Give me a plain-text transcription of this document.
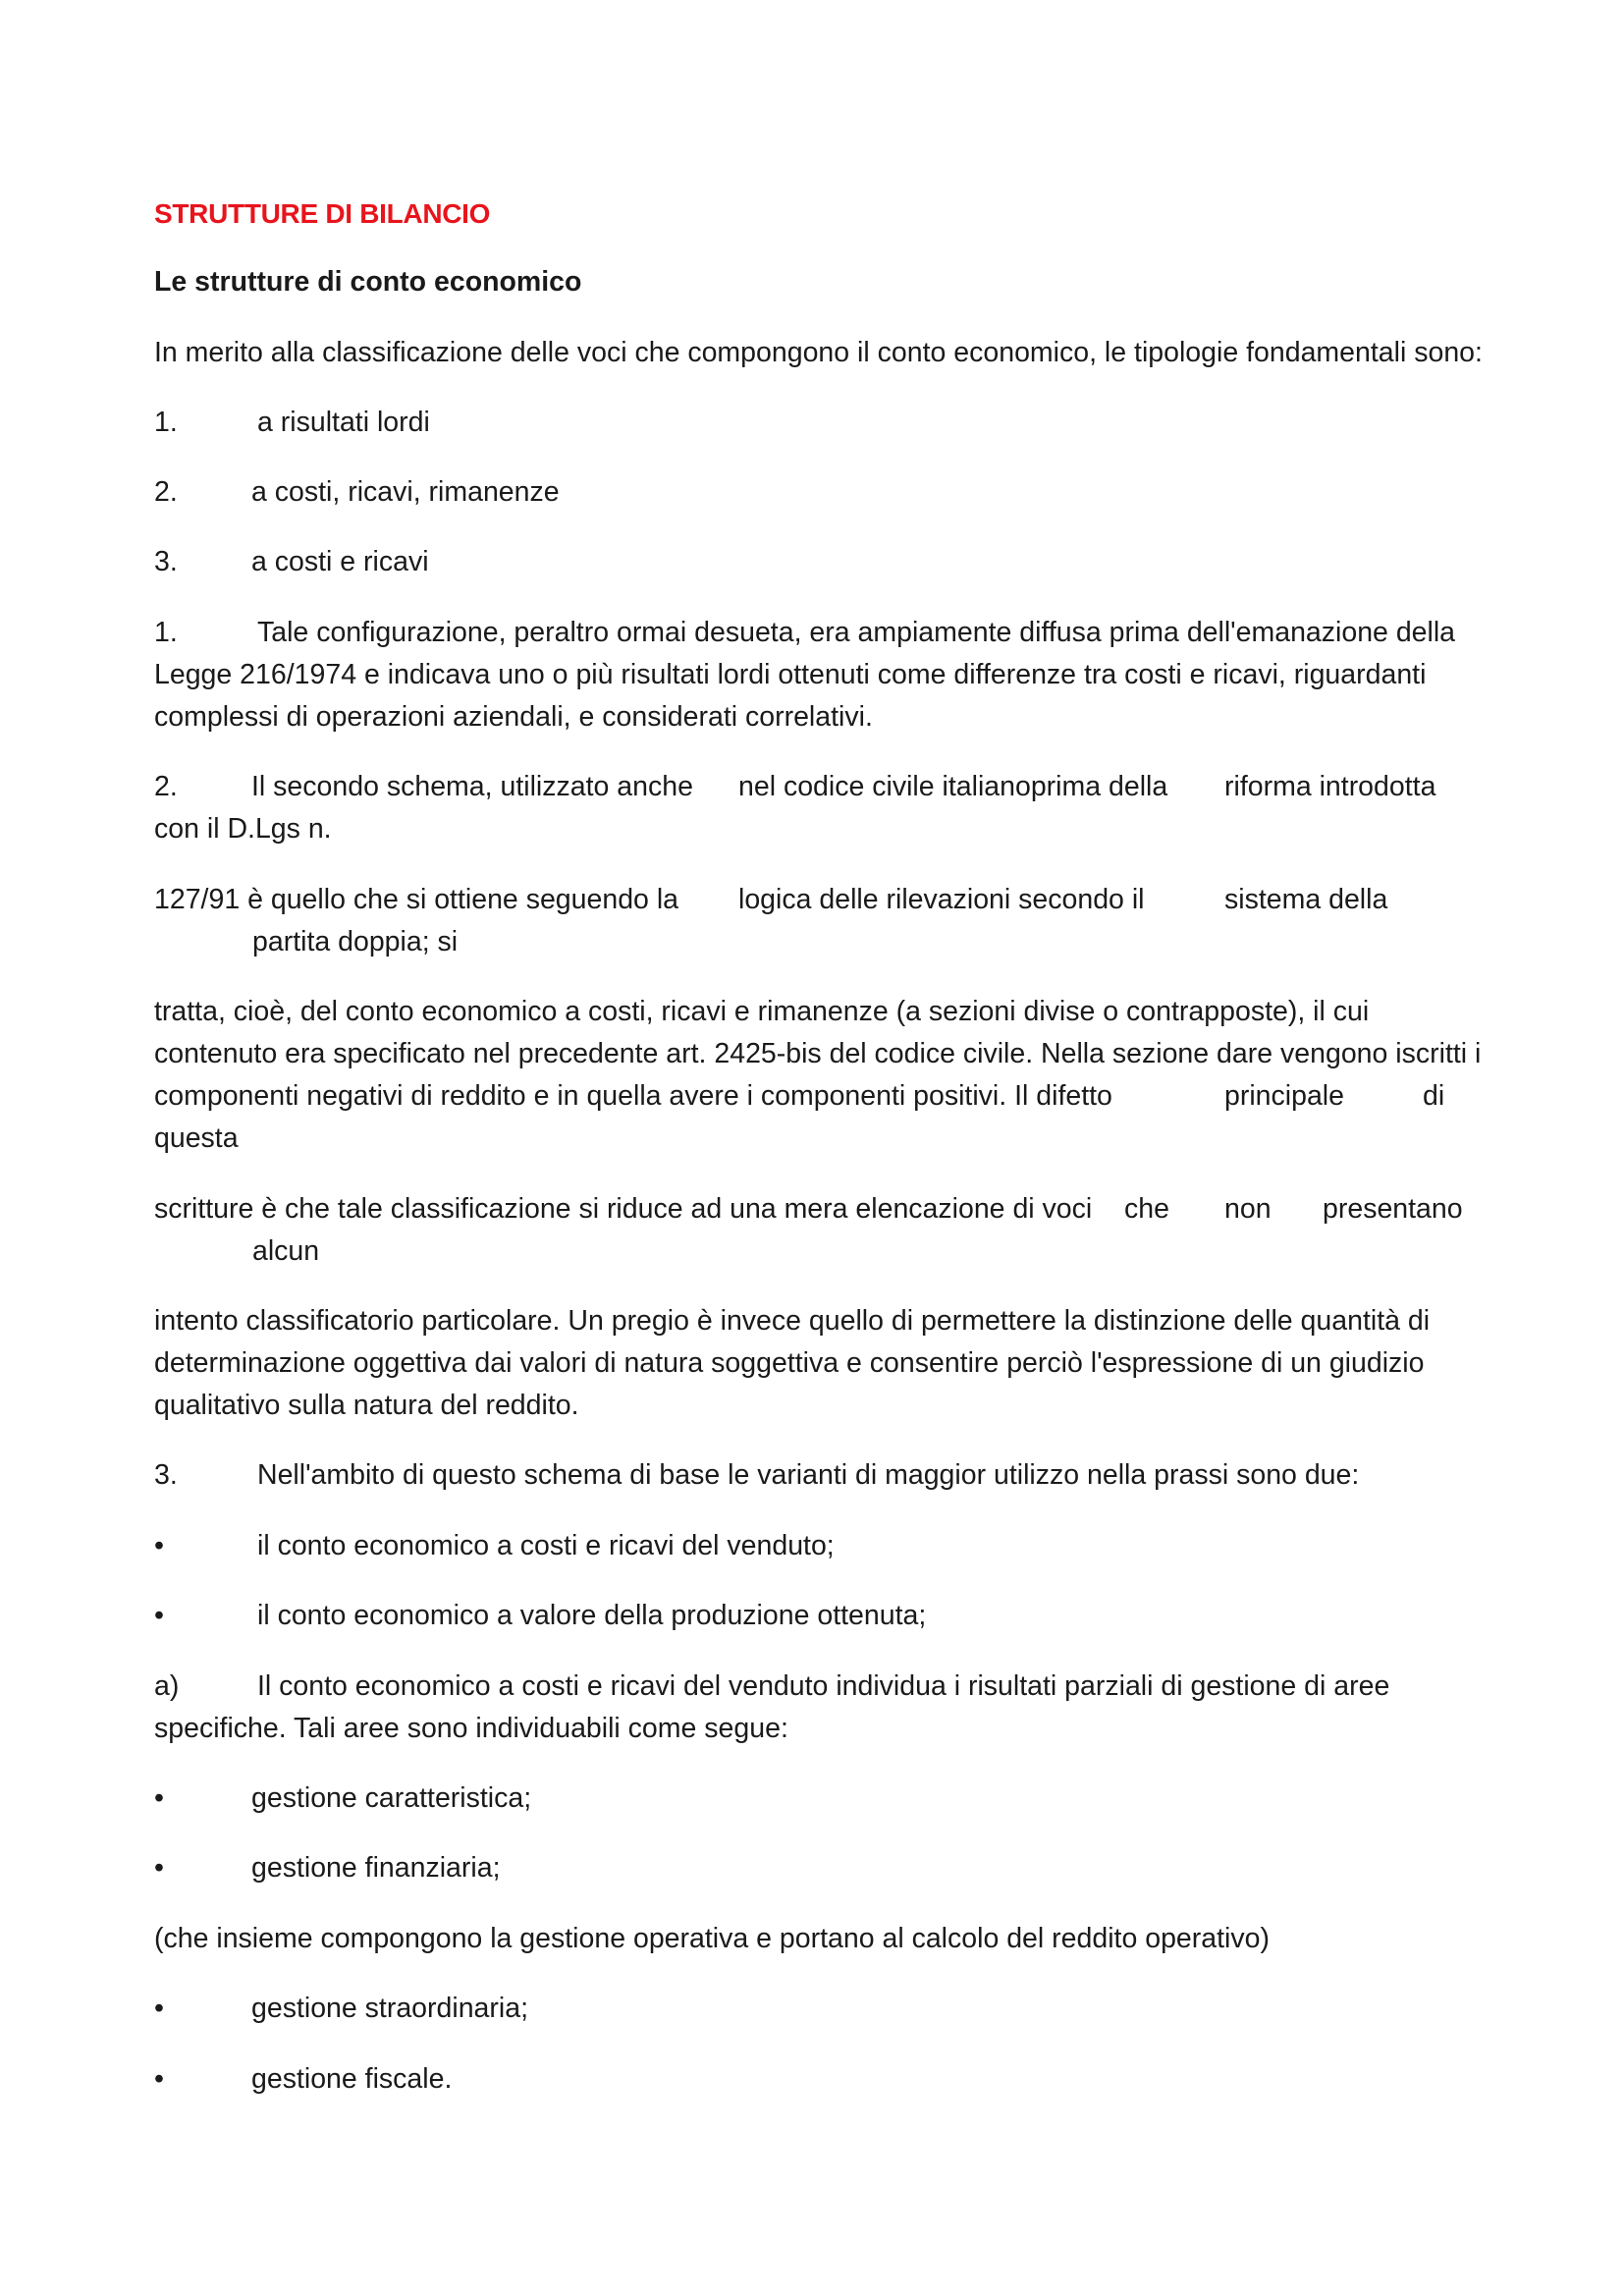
STRUTTURE DI BILANCIO
Le strutture di conto economico
In merito alla classificazione delle voci che compongono il conto economico, le tipologie fondamentali sono:
1.	a risultati lordi
2.	a costi, ricavi, rimanenze
3.	a costi e ricavi
1.	Tale configurazione, peraltro ormai desueta, era ampiamente diffusa prima dell'emanazione della
Legge 216/1974 e indicava uno o più risultati lordi ottenuti come differenze tra costi e ricavi, riguardanti complessi di operazioni aziendali, e considerati correlativi.
2.	Il secondo schema, utilizzato anche nel codice civile italianoprima della riforma introdotta
con il D.Lgs n.
127/91 è quello che si ottiene seguendo la logica delle rilevazioni secondo il	sistema della
partita doppia; si
tratta, cioè, del conto economico a costi, ricavi e rimanenze (a sezioni divise o contrapposte), il cui contenuto era specificato nel precedente art. 2425-bis del codice civile. Nella sezione dare vengono iscritti i
componenti negativi di reddito e in quella avere i componenti positivi. Il difetto	principale	di
questa
scritture è che tale classificazione si riduce ad una mera elencazione di voci che non presentano
alcun
intento classificatorio particolare. Un pregio è invece quello di permettere la distinzione delle quantità di determinazione oggettiva dai valori di natura soggettiva e consentire perciò l'espressione di un giudizio qualitativo sulla natura del reddito.
3.	Nell'ambito di questo schema di base le varianti di maggior utilizzo nella prassi sono due:
•	il conto economico a costi e ricavi del venduto;
•	il conto economico a valore della produzione ottenuta;
a)	Il conto economico a costi e ricavi del venduto individua i risultati parziali di gestione di aree
specifiche. Tali aree sono individuabili come segue:
•	gestione caratteristica;
•	gestione finanziaria;
(che insieme compongono la gestione operativa e portano al calcolo del reddito operativo)
•	gestione straordinaria;
•	gestione fiscale.
